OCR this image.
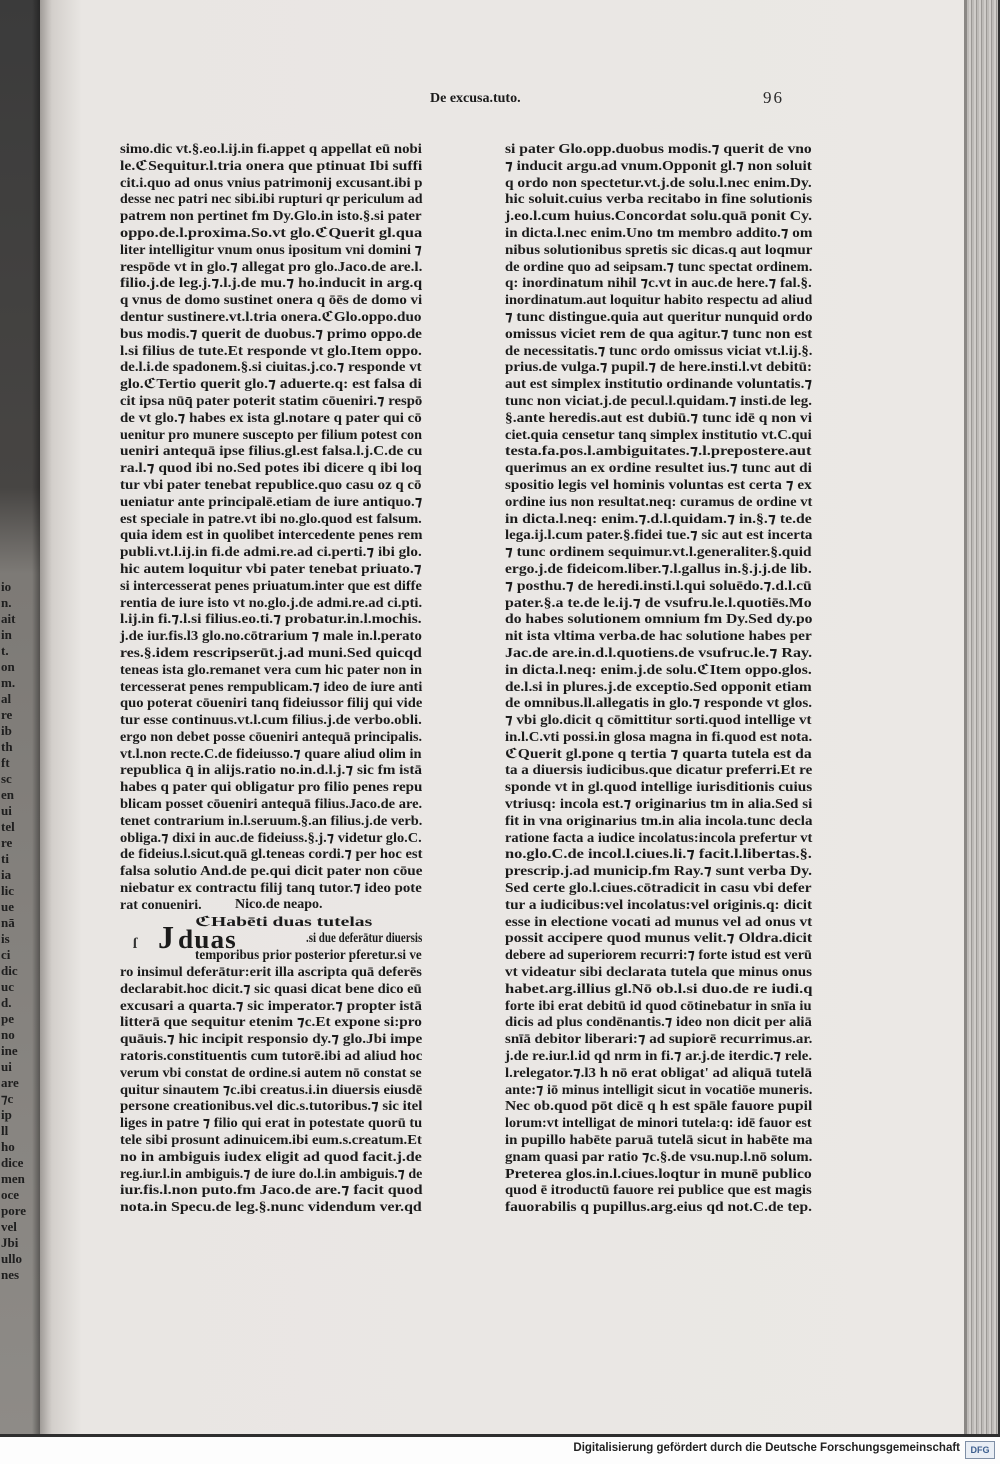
io
n.
ait
in
t.
on
m.
al
re
ib
th
ft
sc
en
ui
tel
re
ti
ia
lic
ue
nā
is
ci
dic
uc
d.
pe
no
ine
ui
are
⁊c
ip
ll
ho
dice
men
oce
pore
vel
Jbi
ullo
nes
De excusa.tuto.	96
simo.dic vt.§.eo.l.ij.in fi.appet q appellat eū nobi
le.ℭSequitur.l.tria onera que ptinuat Ibi suffi
cit.i.quo ad onus vnius patrimonij excusant.ibi p
desse nec patri nec sibi.ibi rupturi qr periculum ad
patrem non pertinet fm Dy.Glo.in isto.§.si pater
oppo.de.l.proxima.So.vt glo.ℭQuerit gl.qua
liter intelligitur vnum onus ipositum vni domini ⁊
respōde vt in glo.⁊ allegat pro glo.Jaco.de are.l.
filio.j.de leg.j.⁊.l.j.de mu.⁊ ho.inducit in arg.q
q vnus de domo sustinet onera q ōēs de domo vi
dentur sustinere.vt.l.tria onera.ℭGlo.oppo.duo
bus modis.⁊ querit de duobus.⁊ primo oppo.de
l.si filius de tute.Et responde vt glo.Item oppo.
de.l.i.de spadonem.§.si ciuitas.j.co.⁊ responde vt
glo.ℭTertio querit glo.⁊ aduerte.q: est falsa di
cit ipsa nūq̄ pater poterit statim cōueniri.⁊ respō
de vt glo.⁊ habes ex ista gl.notare q pater qui cō
uenitur pro munere suscepto per filium potest con
ueniri antequā ipse filius.gl.est falsa.l.j.C.de cu
ra.l.⁊ quod ibi no.Sed potes ibi dicere q ibi loq
tur vbi pater tenebat republice.quo casu oz q cō
ueniatur ante principalē.etiam de iure antiquo.⁊
est speciale in patre.vt ibi no.glo.quod est falsum.
quia idem est in quolibet intercedente penes rem
publi.vt.l.ij.in fi.de admi.re.ad ci.perti.⁊ ibi glo.
hic autem loquitur vbi pater tenebat priuato.⁊
si intercesserat penes priuatum.inter que est diffe
rentia de iure isto vt no.glo.j.de admi.re.ad ci.pti.
l.ij.in fi.⁊.l.si filius.eo.ti.⁊ probatur.in.l.mochis.
j.de iur.fis.l3 glo.no.cōtrarium ⁊ male in.l.perato
res.§.idem rescripserūt.j.ad muni.Sed quicqd
teneas ista glo.remanet vera cum hic pater non in
tercesserat penes rempublicam.⁊ ideo de iure anti
quo poterat cōueniri tanq fideiussor filij qui vide
tur esse continuus.vt.l.cum filius.j.de verbo.obli.
ergo non debet posse cōueniri antequā principalis.
vt.l.non recte.C.de fideiusso.⁊ quare aliud olim in
republica q̄ in alijs.ratio no.in.d.l.j.⁊ sic fm istā
habes q pater qui obligatur pro filio penes repu
blicam posset cōueniri antequā filius.Jaco.de are.
tenet contrarium in.l.seruum.§.an filius.j.de verb.
obliga.⁊ dixi in auc.de fideiuss.§.j.⁊ videtur glo.C.
de fideius.l.sicut.quā gl.teneas cordi.⁊ per hoc est
falsa solutio And.de pe.qui dicit pater non cōue
niebatur ex contractu filij tanq tutor.⁊ ideo pote
rat conueniri. Nico.de neapo.
ſ
ℭHabēti duas tutelas
J duas	.si due deferātur diuersis
temporibus prior posterior pferetur.si ve
ro insimul deferātur:erit illa ascripta quā deferēs
declarabit.hoc dicit.⁊ sic quasi dicat bene dico eū
excusari a quarta.⁊ sic imperator.⁊ propter istā
litterā que sequitur etenim ⁊c.Et expone si:pro
quāuis.⁊ hic incipit responsio dy.⁊ glo.Jbi impe
ratoris.constituentis cum tutorē.ibi ad aliud hoc
verum vbi constat de ordine.si autem nō constat se
quitur sinautem ⁊c.ibi creatus.i.in diuersis eiusdē
persone creationibus.vel dic.s.tutoribus.⁊ sic itel
liges in patre ⁊ filio qui erat in potestate quorū tu
tele sibi prosunt adinuicem.ibi eum.s.creatum.Et
no in ambiguis iudex eligit ad quod facit.j.de
reg.iur.l.in ambiguis.⁊ de iure do.l.in ambiguis.⁊ de
iur.fis.l.non puto.fm Jaco.de are.⁊ facit quod
nota.in Specu.de leg.§.nunc videndum ver.qd
si pater Glo.opp.duobus modis.⁊ querit de vno
⁊ inducit argu.ad vnum.Opponit gl.⁊ non soluit
q ordo non spectetur.vt.j.de solu.l.nec enim.Dy.
hic soluit.cuius verba recitabo in fine solutionis
j.eo.l.cum huius.Concordat solu.quā ponit Cy.
in dicta.l.nec enim.Uno tm membro addito.⁊ om
nibus solutionibus spretis sic dicas.q aut loqmur
de ordine quo ad seipsam.⁊ tunc spectat ordinem.
q: inordinatum nihil ⁊c.vt in auc.de here.⁊ fal.§.
inordinatum.aut loquitur habito respectu ad aliud
⁊ tunc distingue.quia aut queritur nunquid ordo
omissus viciet rem de qua agitur.⁊ tunc non est
de necessitatis.⁊ tunc ordo omissus viciat vt.l.ij.§.
prius.de vulga.⁊ pupil.⁊ de here.insti.l.vt debitū:
aut est simplex institutio ordinande voluntatis.⁊
tunc non viciat.j.de pecul.l.quidam.⁊ insti.de leg.
§.ante heredis.aut est dubiū.⁊ tunc idē q non vi
ciet.quia censetur tanq simplex institutio vt.C.qui
testa.fa.pos.l.ambiguitates.⁊.l.prepostere.aut
querimus an ex ordine resultet ius.⁊ tunc aut di
spositio legis vel hominis voluntas est certa ⁊ ex
ordine ius non resultat.neq: curamus de ordine vt
in dicta.l.neq: enim.⁊.d.l.quidam.⁊ in.§.⁊ te.de
lega.ij.l.cum pater.§.fidei tue.⁊ sic aut est incerta
⁊ tunc ordinem sequimur.vt.l.generaliter.§.quid
ergo.j.de fideicom.liber.⁊.l.gallus in.§.j.j.de lib.
⁊ posthu.⁊ de heredi.insti.l.qui soluēdo.⁊.d.l.cū
pater.§.a te.de le.ij.⁊ de vsufru.le.l.quotiēs.Mo
do habes solutionem omnium fm Dy.Sed dy.po
nit ista vltima verba.de hac solutione habes per
Jac.de are.in.d.l.quotiens.de vsufruc.le.⁊ Ray.
in dicta.l.neq: enim.j.de solu.ℭItem oppo.glos.
de.l.si in plures.j.de exceptio.Sed opponit etiam
de omnibus.ll.allegatis in glo.⁊ responde vt glos.
⁊ vbi glo.dicit q cōmittitur sorti.quod intellige vt
in.l.C.vti possi.in glosa magna in fi.quod est nota.
ℭQuerit gl.pone q tertia ⁊ quarta tutela est da
ta a diuersis iudicibus.que dicatur preferri.Et re
sponde vt in gl.quod intellige iurisditionis cuius
vtriusq: incola est.⁊ originarius tm in alia.Sed si
fit in vna originarius tm.in alia incola.tunc decla
ratione facta a iudice incolatus:incola prefertur vt
no.glo.C.de incol.l.ciues.li.⁊ facit.l.libertas.§.
prescrip.j.ad municip.fm Ray.⁊ sunt verba Dy.
Sed certe glo.l.ciues.cōtradicit in casu vbi defer
tur a iudicibus:vel incolatus:vel originis.q: dicit
esse in electione vocati ad munus vel ad onus vt
possit accipere quod munus velit.⁊ Oldra.dicit
debere ad superiorem recurri:⁊ forte istud est verū
vt videatur sibi declarata tutela que minus onus
habet.arg.illius gl.Nō ob.l.si duo.de re iudi.q
forte ibi erat debitū id quod cōtinebatur in snīa iu
dicis ad plus condēnantis.⁊ ideo non dicit per aliā
snīā debitor liberari:⁊ ad supiorē recurrimus.ar.
j.de re.iur.l.id qd nrm in fi.⁊ ar.j.de iterdic.⁊ rele.
l.relegator.⁊.l3 h nō erat obligat' ad aliquā tutelā
ante:⁊ iō minus intelligit sicut in vocatiōe muneris.
Nec ob.quod pōt dicē q h est spāle fauore pupil
lorum:vt intelligat de minori tutela:q: idē fauor est
in pupillo habēte paruā tutelā sicut in habēte ma
gnam quasi par ratio ⁊c.§.de vsu.nup.l.nō solum.
Preterea glos.in.l.ciues.loqtur in munē publico
quod ē itroductū fauore rei publice que est magis
fauorabilis q pupillus.arg.eius qd not.C.de tep.
Digitalisierung gefördert durch die Deutsche Forschungsgemeinschaft	DFG
